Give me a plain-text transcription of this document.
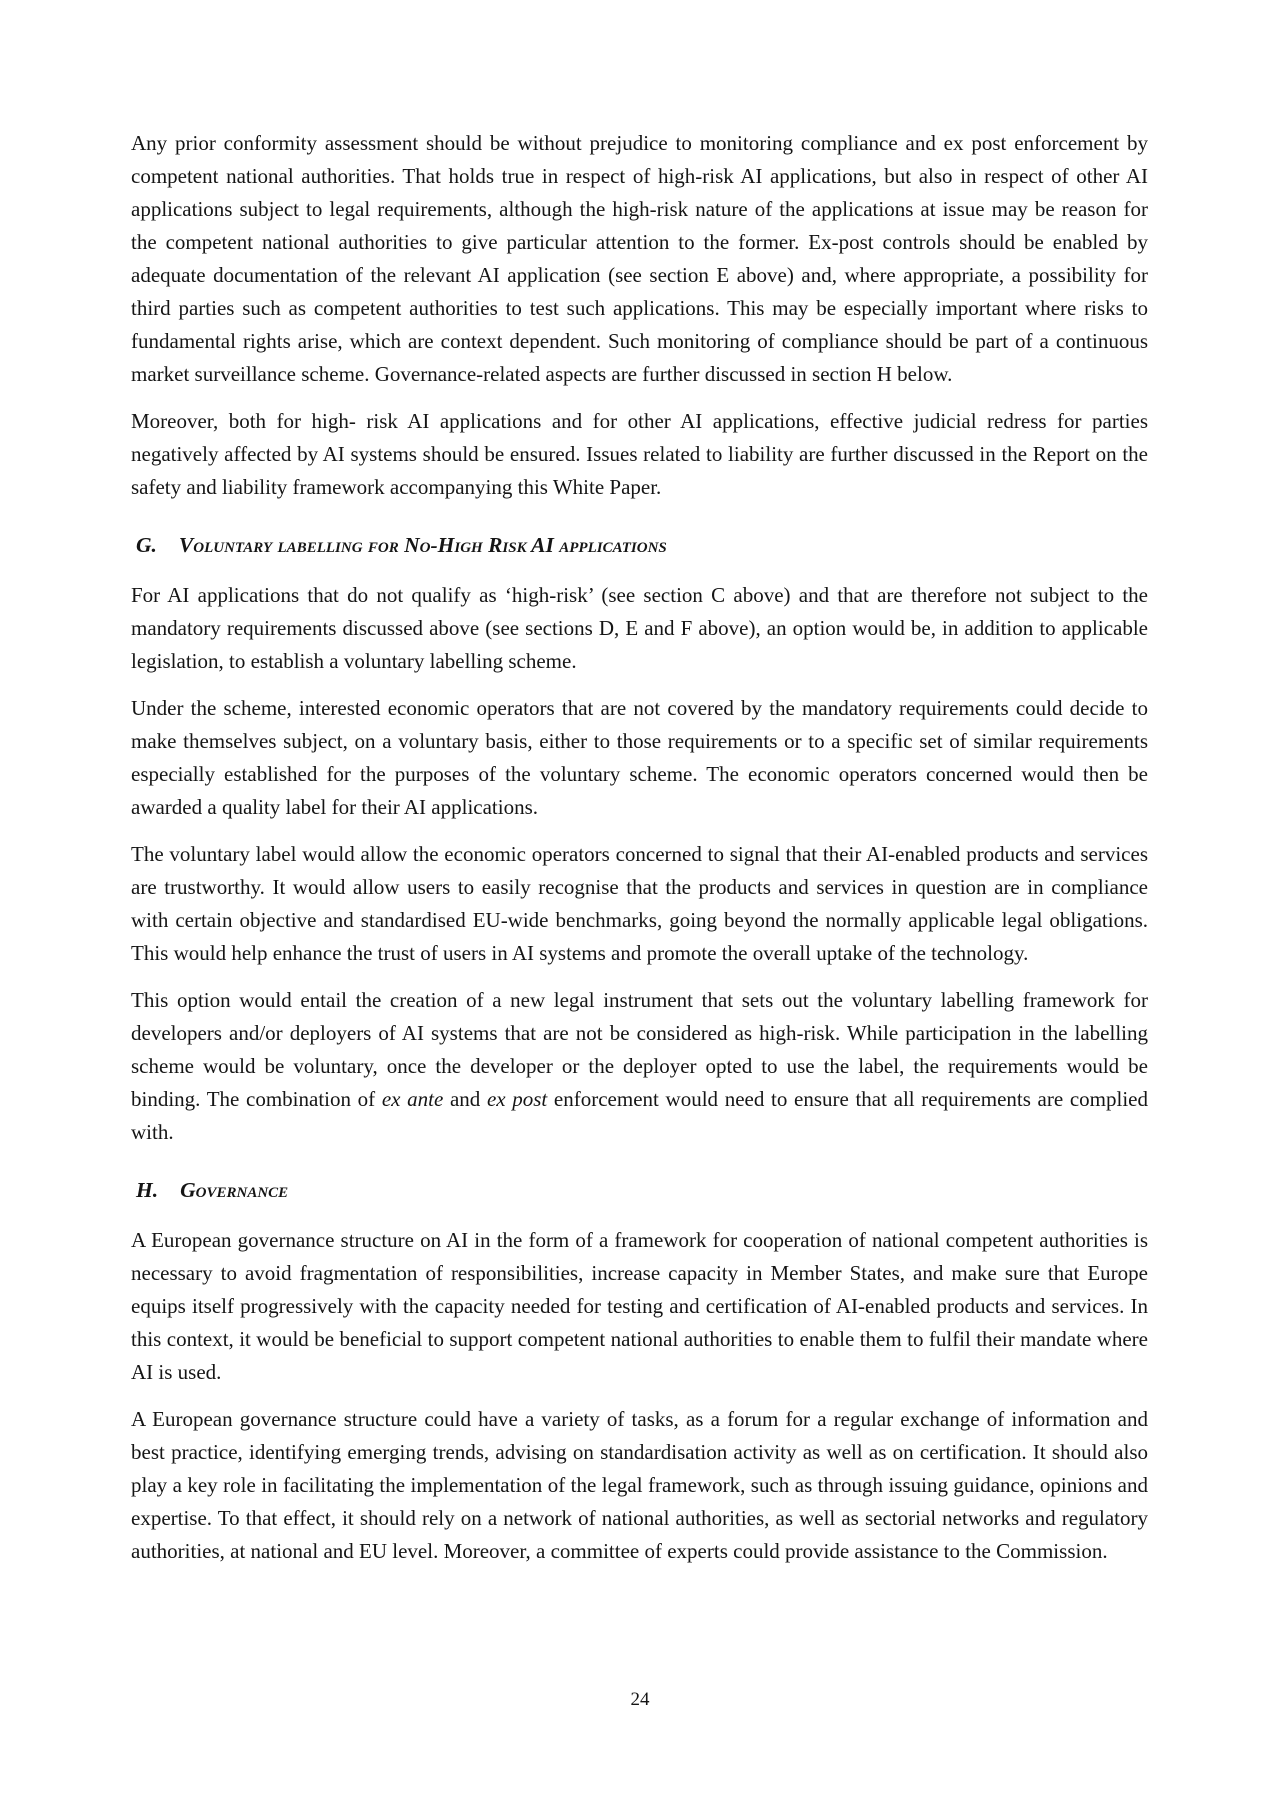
Any prior conformity assessment should be without prejudice to monitoring compliance and ex post enforcement by competent national authorities. That holds true in respect of high-risk AI applications, but also in respect of other AI applications subject to legal requirements, although the high-risk nature of the applications at issue may be reason for the competent national authorities to give particular attention to the former. Ex-post controls should be enabled by adequate documentation of the relevant AI application (see section E above) and, where appropriate, a possibility for third parties such as competent authorities to test such applications. This may be especially important where risks to fundamental rights arise, which are context dependent. Such monitoring of compliance should be part of a continuous market surveillance scheme. Governance-related aspects are further discussed in section H below.

Moreover, both for high- risk AI applications and for other AI applications, effective judicial redress for parties negatively affected by AI systems should be ensured. Issues related to liability are further discussed in the Report on the safety and liability framework accompanying this White Paper.

G. Voluntary labelling for No-High Risk AI applications

For AI applications that do not qualify as ‘high-risk’ (see section C above) and that are therefore not subject to the mandatory requirements discussed above (see sections D, E and F above), an option would be, in addition to applicable legislation, to establish a voluntary labelling scheme.

Under the scheme, interested economic operators that are not covered by the mandatory requirements could decide to make themselves subject, on a voluntary basis, either to those requirements or to a specific set of similar requirements especially established for the purposes of the voluntary scheme. The economic operators concerned would then be awarded a quality label for their AI applications.

The voluntary label would allow the economic operators concerned to signal that their AI-enabled products and services are trustworthy. It would allow users to easily recognise that the products and services in question are in compliance with certain objective and standardised EU-wide benchmarks, going beyond the normally applicable legal obligations. This would help enhance the trust of users in AI systems and promote the overall uptake of the technology.

This option would entail the creation of a new legal instrument that sets out the voluntary labelling framework for developers and/or deployers of AI systems that are not be considered as high-risk. While participation in the labelling scheme would be voluntary, once the developer or the deployer opted to use the label, the requirements would be binding. The combination of ex ante and ex post enforcement would need to ensure that all requirements are complied with.

H. Governance

A European governance structure on AI in the form of a framework for cooperation of national competent authorities is necessary to avoid fragmentation of responsibilities, increase capacity in Member States, and make sure that Europe equips itself progressively with the capacity needed for testing and certification of AI-enabled products and services. In this context, it would be beneficial to support competent national authorities to enable them to fulfil their mandate where AI is used.

A European governance structure could have a variety of tasks, as a forum for a regular exchange of information and best practice, identifying emerging trends, advising on standardisation activity as well as on certification. It should also play a key role in facilitating the implementation of the legal framework, such as through issuing guidance, opinions and expertise. To that effect, it should rely on a network of national authorities, as well as sectorial networks and regulatory authorities, at national and EU level. Moreover, a committee of experts could provide assistance to the Commission.

24
